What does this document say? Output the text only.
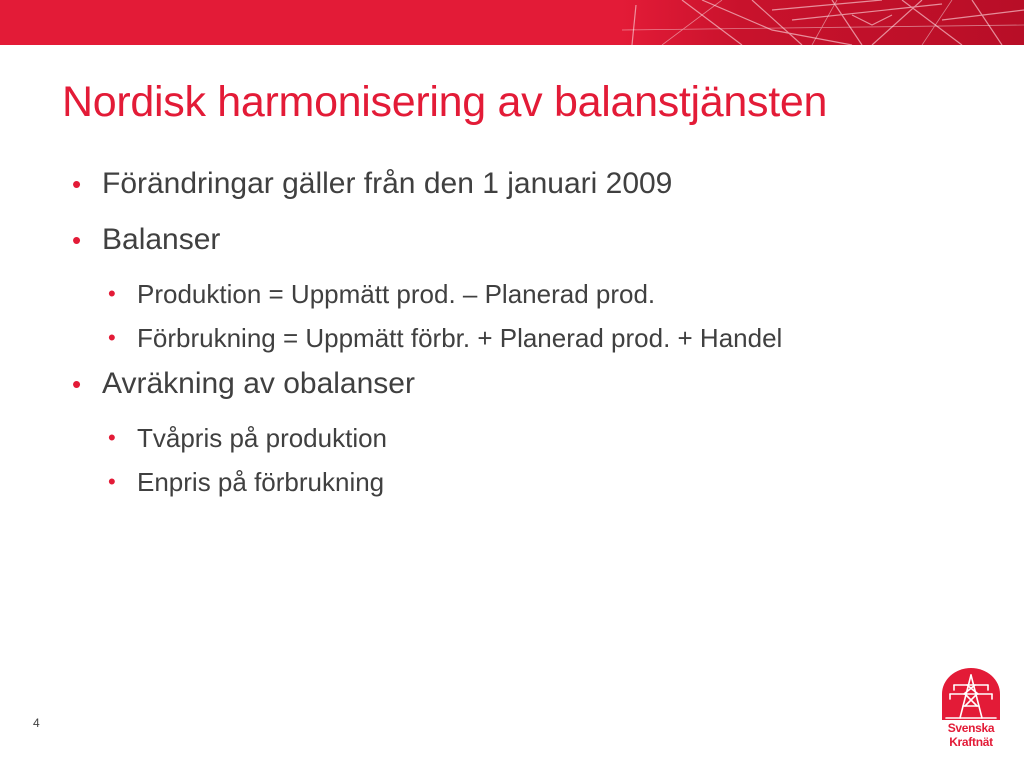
Nordisk harmonisering av balanstjänsten
• Förändringar gäller från den 1 januari 2009
• Balanser
• Produktion = Uppmätt prod. – Planerad prod.
• Förbrukning = Uppmätt förbr. + Planerad prod. + Handel
• Avräkning av obalanser
• Tvåpris på produktion
• Enpris på förbrukning
4	Svenska
Kraftnät
